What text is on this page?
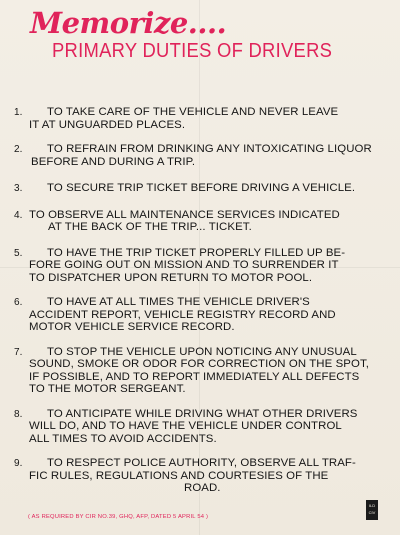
Memorize....
PRIMARY DUTIES OF DRIVERS
1. TO TAKE CARE OF THE VEHICLE AND NEVER LEAVE
IT AT UNGUARDED PLACES.
2. TO REFRAIN FROM DRINKING ANY INTOXICATING LIQUOR
BEFORE AND DURING A TRIP.
3. TO SECURE TRIP TICKET BEFORE DRIVING A VEHICLE.
4. TO OBSERVE ALL MAINTENANCE SERVICES INDICATED
AT THE BACK OF THE TRIP... TICKET.
5. TO HAVE THE TRIP TICKET PROPERLY FILLED UP BE-
FORE GOING OUT ON MISSION AND TO SURRENDER IT
TO DISPATCHER UPON RETURN TO MOTOR POOL.
6. TO HAVE AT ALL TIMES THE VEHICLE DRIVER'S
ACCIDENT REPORT, VEHICLE REGISTRY RECORD AND
MOTOR VEHICLE SERVICE RECORD.
7. TO STOP THE VEHICLE UPON NOTICING ANY UNUSUAL
SOUND, SMOKE OR ODOR FOR CORRECTION ON THE SPOT,
IF POSSIBLE, AND TO REPORT IMMEDIATELY ALL DEFECTS
TO THE MOTOR SERGEANT.
8. TO ANTICIPATE WHILE DRIVING WHAT OTHER DRIVERS
WILL DO, AND TO HAVE THE VEHICLE UNDER CONTROL
ALL TIMES TO AVOID ACCIDENTS.
9. TO RESPECT POLICE AUTHORITY, OBSERVE ALL TRAF-
FIC RULES, REGULATIONS AND COURTESIES OF THE
ROAD.
( AS REQUIRED BY CIR NO.39, GHQ, AFP, DATED 5 APRIL 54 )
ILD
CIV
